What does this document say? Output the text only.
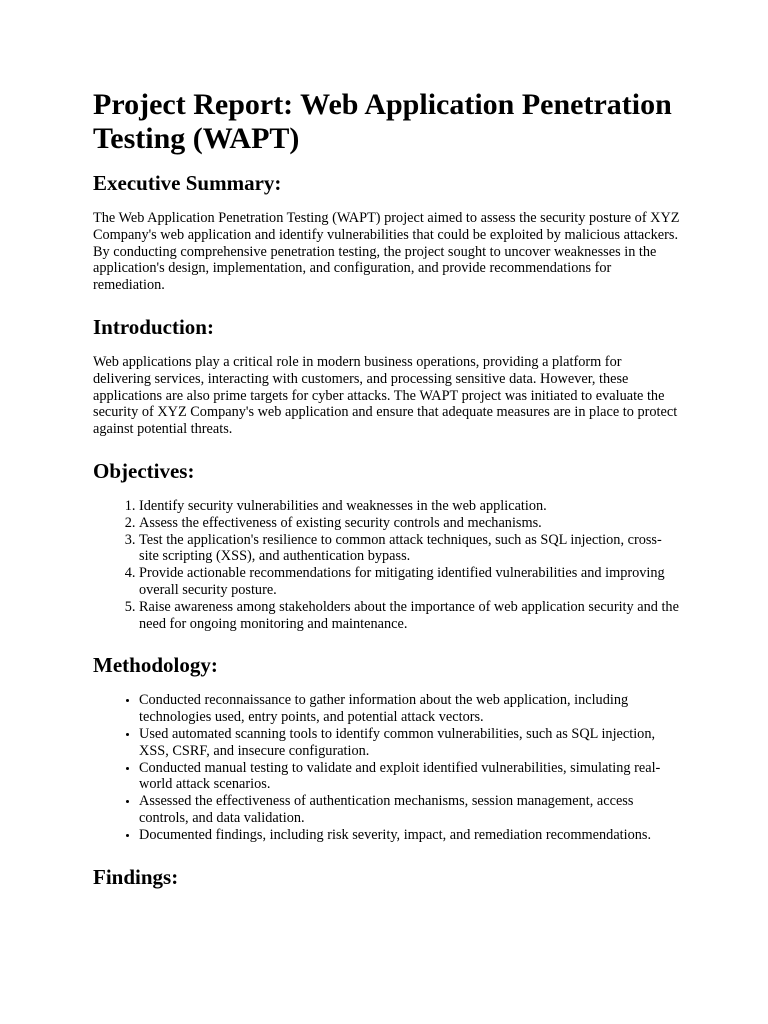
Project Report: Web Application Penetration Testing (WAPT)
Executive Summary:

The Web Application Penetration Testing (WAPT) project aimed to assess the security posture of XYZ Company's web application and identify vulnerabilities that could be exploited by malicious attackers. By conducting comprehensive penetration testing, the project sought to uncover weaknesses in the application's design, implementation, and configuration, and provide recommendations for remediation.

Introduction:

Web applications play a critical role in modern business operations, providing a platform for delivering services, interacting with customers, and processing sensitive data. However, these applications are also prime targets for cyber attacks. The WAPT project was initiated to evaluate the security of XYZ Company's web application and ensure that adequate measures are in place to protect against potential threats.

Objectives:
1. Identify security vulnerabilities and weaknesses in the web application.
2. Assess the effectiveness of existing security controls and mechanisms.
3. Test the application's resilience to common attack techniques, such as SQL injection, cross-site scripting (XSS), and authentication bypass.
4. Provide actionable recommendations for mitigating identified vulnerabilities and improving overall security posture.
5. Raise awareness among stakeholders about the importance of web application security and the need for ongoing monitoring and maintenance.
Methodology:
• Conducted reconnaissance to gather information about the web application, including technologies used, entry points, and potential attack vectors.
• Used automated scanning tools to identify common vulnerabilities, such as SQL injection, XSS, CSRF, and insecure configuration.
• Conducted manual testing to validate and exploit identified vulnerabilities, simulating real-world attack scenarios.
• Assessed the effectiveness of authentication mechanisms, session management, access controls, and data validation.
• Documented findings, including risk severity, impact, and remediation recommendations.
Findings:
